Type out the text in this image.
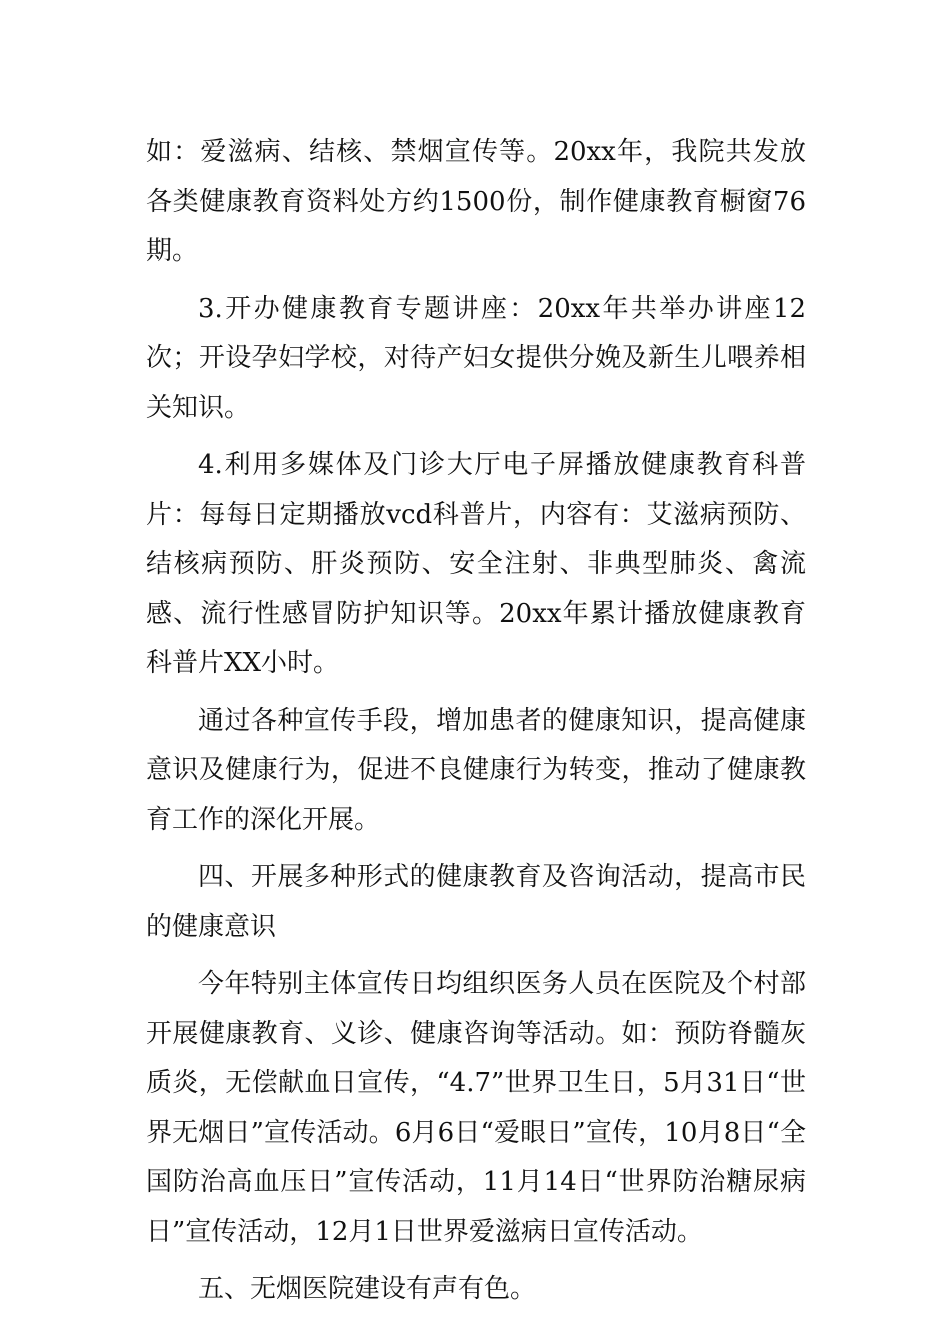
如：爱滋病、结核、禁烟宣传等。20xx年，我院共发放各类健康教育资料处方约1500份，制作健康教育橱窗76期。

3.开办健康教育专题讲座：20xx年共举办讲座12次；开设孕妇学校，对待产妇女提供分娩及新生儿喂养相关知识。

4.利用多媒体及门诊大厅电子屏播放健康教育科普片：每每日定期播放vcd科普片，内容有：艾滋病预防、结核病预防、肝炎预防、安全注射、非典型肺炎、禽流感、流行性感冒防护知识等。20xx年累计播放健康教育科普片XX小时。

通过各种宣传手段，增加患者的健康知识，提高健康意识及健康行为，促进不良健康行为转变，推动了健康教育工作的深化开展。

四、开展多种形式的健康教育及咨询活动，提高市民的健康意识

今年特别主体宣传日均组织医务人员在医院及个村部开展健康教育、义诊、健康咨询等活动。如：预防脊髓灰质炎，无偿献血日宣传，“4.7”世界卫生日，5月31日“世界无烟日”宣传活动。6月6日“爱眼日”宣传，10月8日“全国防治高血压日”宣传活动，11月14日“世界防治糖尿病日”宣传活动，12月1日世界爱滋病日宣传活动。

五、无烟医院建设有声有色。
